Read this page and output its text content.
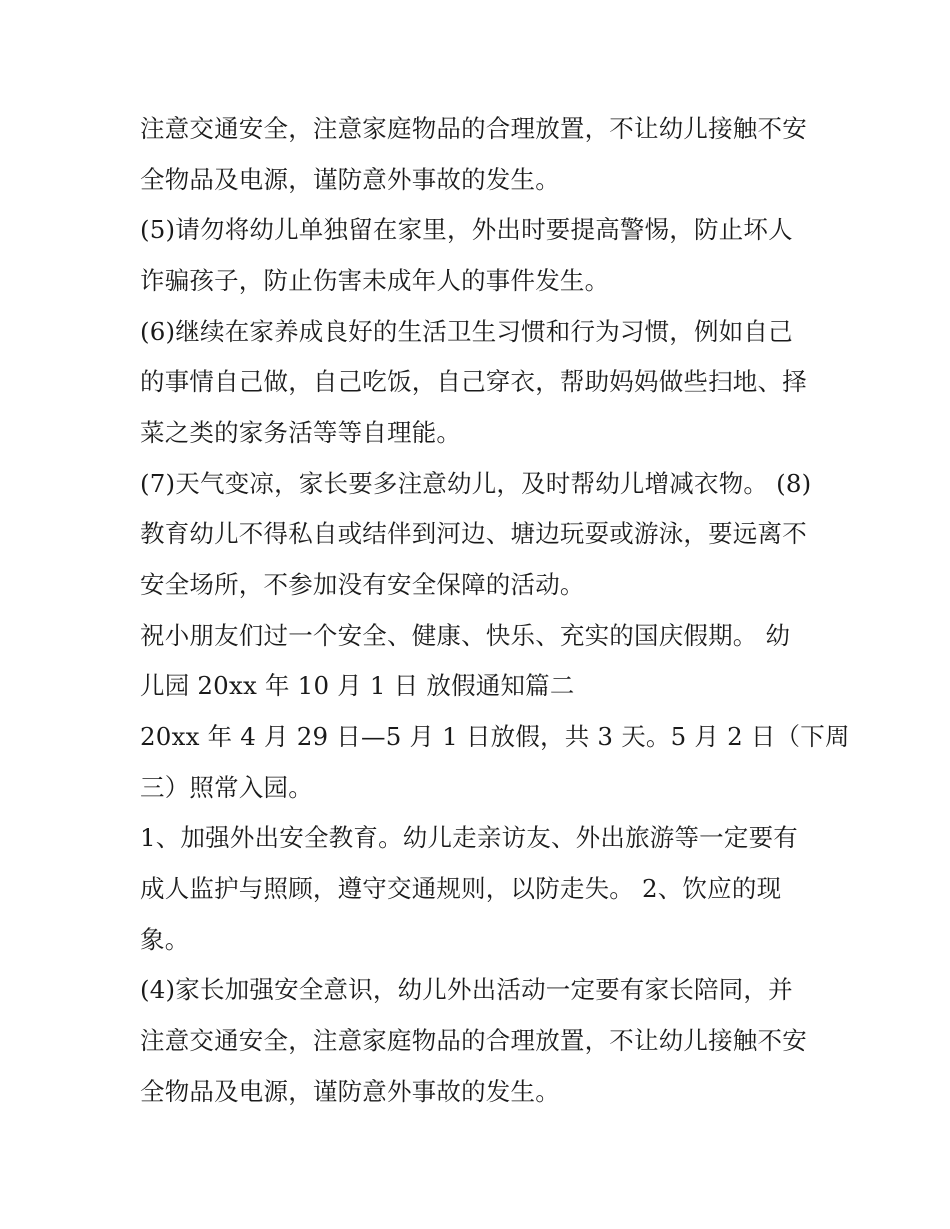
注意交通安全，注意家庭物品的合理放置，不让幼儿接触不安
全物品及电源，谨防意外事故的发生。
(5)请勿将幼儿单独留在家里，外出时要提高警惕，防止坏人
诈骗孩子，防止伤害未成年人的事件发生。
(6)继续在家养成良好的生活卫生习惯和行为习惯，例如自己
的事情自己做，自己吃饭，自己穿衣，帮助妈妈做些扫地、择
菜之类的家务活等等自理能。
(7)天气变凉，家长要多注意幼儿，及时帮幼儿增减衣物。 (8)
教育幼儿不得私自或结伴到河边、塘边玩耍或游泳，要远离不
安全场所，不参加没有安全保障的活动。
祝小朋友们过一个安全、健康、快乐、充实的国庆假期。 幼
儿园 20xx 年 10 月 1 日 放假通知篇二
20xx 年 4 月 29 日—5 月 1 日放假，共 3 天。5 月 2 日（下周
三）照常入园。
1、加强外出安全教育。幼儿走亲访友、外出旅游等一定要有
成人监护与照顾，遵守交通规则，以防走失。 2、饮应的现
象。
(4)家长加强安全意识，幼儿外出活动一定要有家长陪同，并
注意交通安全，注意家庭物品的合理放置，不让幼儿接触不安
全物品及电源，谨防意外事故的发生。
